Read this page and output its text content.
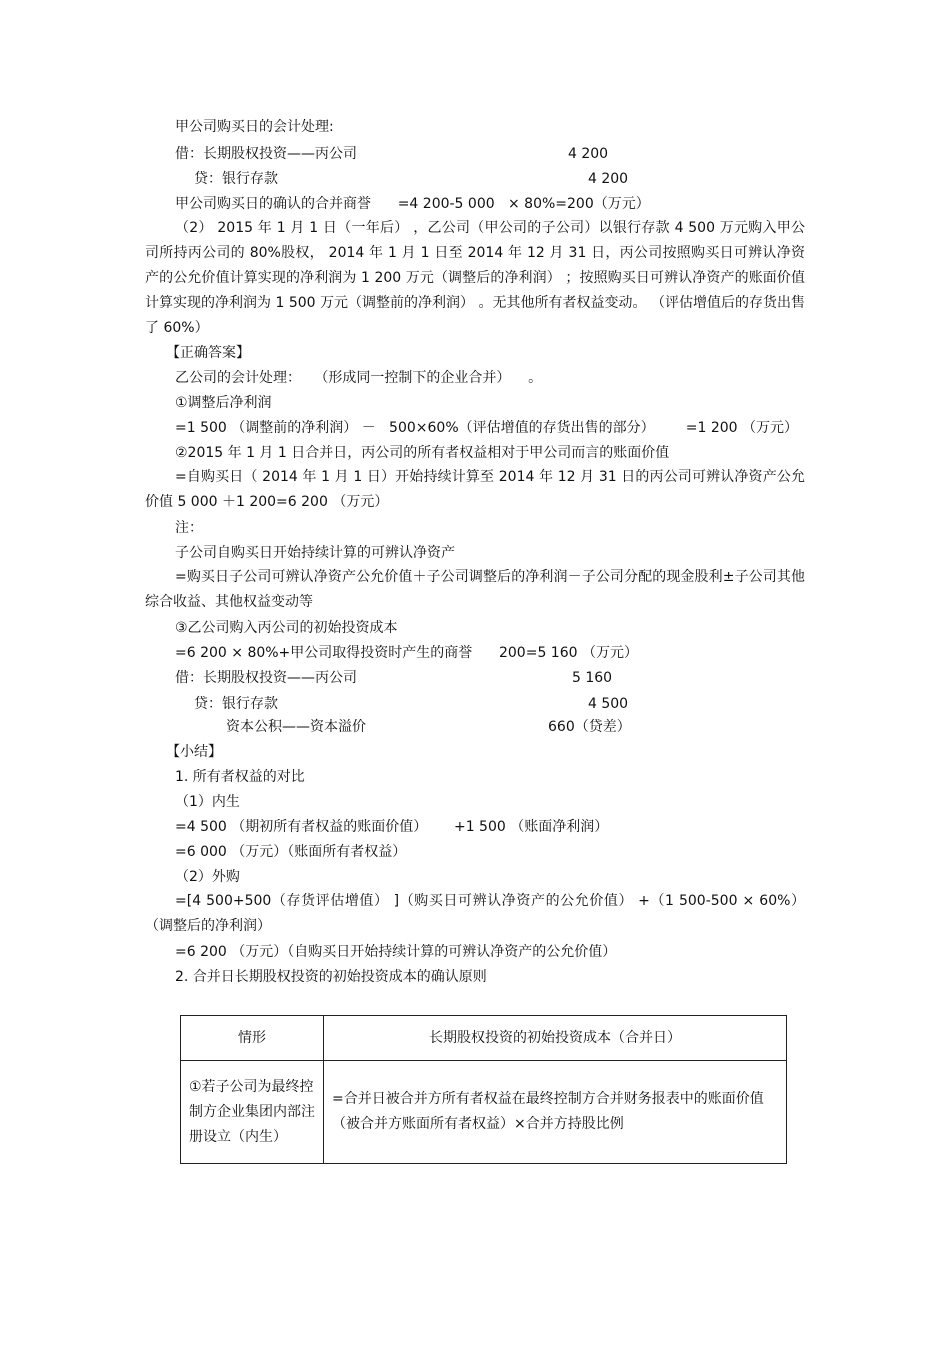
甲公司购买日的会计处理:
借：长期股权投资——丙公司	4 200
贷：银行存款	4 200
甲公司购买日的确认的合并商誉      =4 200-5 000   × 80%=200（万元）

（2） 2015 年 1 月 1 日（一年后） ，乙公司（甲公司的子公司）以银行存款 4 500 万元购入甲公司所持丙公司的 80%股权， 2014 年 1 月 1 日至 2014 年 12 月 31 日，丙公司按照购买日可辨认净资产的公允价值计算实现的净利润为 1 200 万元（调整后的净利润） ；按照购买日可辨认净资产的账面价值计算实现的净利润为 1 500 万元（调整前的净利润） 。无其他所有者权益变动。 （评估增值后的存货出售了 60%）

【正确答案】
乙公司的会计处理：   （形成同一控制下的企业合并）    。
①调整后净利润
=1 500 （调整前的净利润） －   500×60%（评估增值的存货出售的部分）       =1 200 （万元）
②2015 年 1 月 1 日合并日，丙公司的所有者权益相对于甲公司而言的账面价值

=自购买日（ 2014 年 1 月 1 日）开始持续计算至 2014 年 12 月 31 日的丙公司可辨认净资产公允价值 5 000 ＋1 200=6 200 （万元）

注：
子公司自购买日开始持续计算的可辨认净资产

=购买日子公司可辨认净资产公允价值＋子公司调整后的净利润－子公司分配的现金股利±子公司其他综合收益、其他权益变动等

③乙公司购入丙公司的初始投资成本
=6 200 × 80%+甲公司取得投资时产生的商誉      200=5 160 （万元）
借：长期股权投资——丙公司	5 160
贷：银行存款	4 500
资本公积——资本溢价	660（贷差）
【小结】
1. 所有者权益的对比
（1）内生
=4 500 （期初所有者权益的账面价值）      +1 500 （账面净利润）
=6 000 （万元）（账面所有者权益）
（2）外购

=[4 500+500（存货评估增值） ]（购买日可辨认净资产的公允价值） +（1 500-500 × 60%）（调整后的净利润）

=6 200 （万元）（自购买日开始持续计算的可辨认净资产的公允价值）
2. 合并日长期股权投资的初始投资成本的确认原则
情形	长期股权投资的初始投资成本（合并日）
①若子公司为最终控制方企业集团内部注册设立（内生）	=合并日被合并方所有者权益在最终控制方合并财务报表中的账面价值（被合并方账面所有者权益）×合并方持股比例
